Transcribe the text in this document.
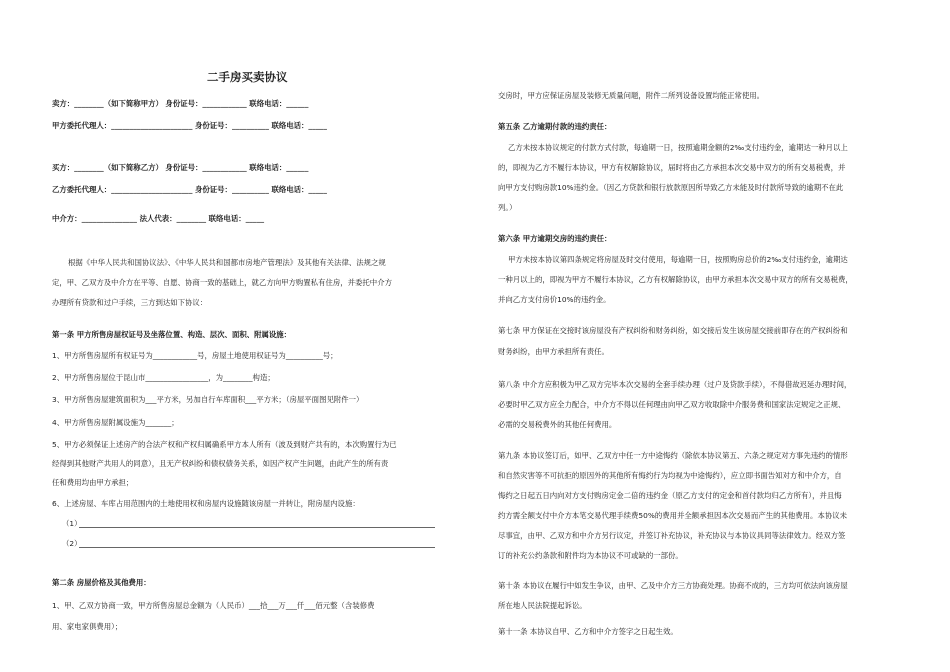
二手房买卖协议
卖方：________（如下简称甲方） 身份证号：____________ 联络电话：______
甲方委托代理人：______________________ 身份证号：__________ 联络电话：_____
买方：________（如下简称乙方） 身份证号：____________ 联络电话：______
乙方委托代理人：______________________ 身份证号：__________ 联络电话：_____
中介方：_______________ 法人代表：________ 联络电话：_____
根据《中华人民共和国协议法》、《中华人民共和国都市房地产管理法》及其他有关法律、法规之规
定，甲、乙双方及中介方在平等、自愿、协商一致的基础上，就乙方向甲方购置私有住房，并委托中介方
办理所有贷款和过户手续，三方到达如下协议：
第一条 甲方所售房屋权证号及坐落位置、构造、层次、面积、附属设施：
1、甲方所售房屋所有权证号为____________号，房屋土地使用权证号为__________号；
2、甲方所售房屋位于昆山市_________________，为________构造；
3、甲方所售房屋建筑面积为___平方米，另加自行车库面积___平方米；（房屋平面图见附件一）
4、甲方所售房屋附属设施为_______；
5、甲方必须保证上述房产的合法产权和产权归属确系甲方本人所有（波及到财产共有的，本次购置行为已
经得到其他财产共用人的同意），且无产权纠纷和债权债务关系，如因产权产生问题，由此产生的所有责
任和费用均由甲方承担；
6、上述房屋、车库占用范围内的土地使用权和房屋内设施随该房屋一并转让，附房屋内设施：
（1）
（2）
第二条 房屋价格及其他费用：
1、甲、乙双方协商一致，甲方所售房屋总金额为（人民币）___拾___万___仟___佰元整（含装修费
用、家电家俱费用）；
交房时，甲方应保证房屋及装修无质量问题，附件二所列设备设置均能正常使用。
第五条 乙方逾期付款的违约责任：
乙方未按本协议规定的付款方式付款，每逾期一日，按照逾期金额的2‰支付违约金，逾期达一种月以上
的，即视为乙方不履行本协议，甲方有权解除协议，届时将由乙方承担本次交易中双方的所有交易税费，并
向甲方支付购房款10%违约金。（因乙方贷款和银行放款原因所导致乙方未能及时付款所导致的逾期不在此
列。）
第六条 甲方逾期交房的违约责任：
甲方未按本协议第四条规定将房屋及时交付使用，每逾期一日，按照购房总价的2‰支付违约金，逾期达
一种月以上的，即视为甲方不履行本协议，乙方有权解除协议，由甲方承担本次交易中双方的所有交易税费，
并向乙方支付房价10%的违约金。
第七条 甲方保证在交接时该房屋没有产权纠纷和财务纠纷，如交接后发生该房屋交接前即存在的产权纠纷和
财务纠纷，由甲方承担所有责任。
第八条 中介方应积极为甲乙双方完毕本次交易的全套手续办理（过户及贷款手续），不得借故迟延办理时间，
必要时甲乙双方应全力配合，中介方不得以任何理由向甲乙双方收取除中介服务费和国家法定规定之正规、
必需的交易税费外的其他任何费用。
第九条 本协议签订后，如甲、乙双方中任一方中途悔约（除依本协议第五、六条之规定对方事先违约的情形
和自然灾害等不可抗拒的原因外的其他所有悔约行为均视为中途悔约），应立即书面告知对方和中介方，自
悔约之日起五日内向对方支付购房定金二倍的违约金（原乙方支付的定金和首付款均归乙方所有），并且悔
约方需全额支付中介方本笔交易代理手续费50%的费用并全额承担因本次交易而产生的其他费用。本协议未
尽事宜，由甲、乙双方和中介方另行议定，并签订补充协议，补充协议与本协议具同等法律效力。经双方签
订的补充公约条款和附件均为本协议不可或缺的一部份。
第十条 本协议在履行中如发生争议，由甲、乙及中介方三方协商处理。协商不成的，三方均可依法向该房屋
所在地人民法院提起诉讼。
第十一条 本协议自甲、乙方和中介方签字之日起生效。
